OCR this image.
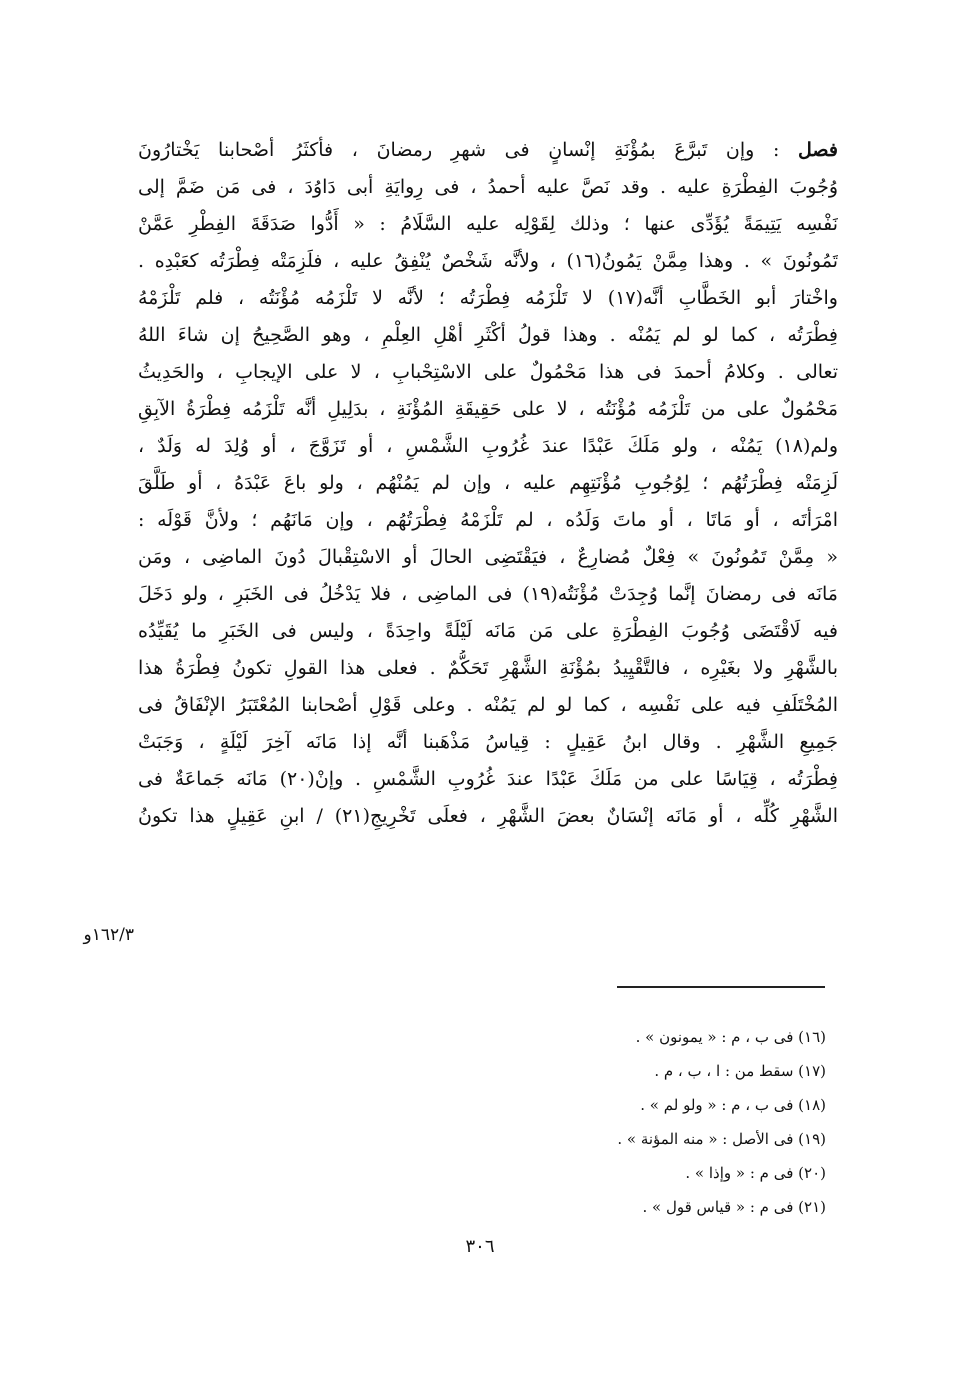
فصل : وإن تَبرَّعَ بمُؤْنَةِ إنْسانٍ فى شهرِ رمضانَ ، فأكثَرُ أصْحابنا يَخْتارُونَ
وُجُوبَ الفِطْرَةِ عليه . وقد نَصَّ عليه أحمدُ ، فى رِوايَةِ أبى دَاوُدَ ، فى مَن ضَمَّ إلى
نَفْسِه يَتِيمَةً يُؤَدِّى عنها ؛ وذلك لِقَوْلِه عليه السَّلَامُ : « أَدُّوا صَدَقَةَ الفِطْرِ عَمَّنْ
تَمُونُونَ » . وهذا مِمَّنْ يَمُونُ(١٦) ، ولأنَّه شَخْصٌ يُنْفِقُ عليه ، فلَزِمَتْه فِطْرَتُه كعَبْدِه .
واخْتارَ أبو الخَطَّابِ أنَّه(١٧) لا تَلْزَمُه فِطْرَتُه ؛ لأنَّه لا تَلْزَمُه مُؤْنَتُه ، فلم تَلْزَمْهُ
فِطْرَتُه ، كما لو لم يَمُنْه . وهذا قولُ أكْثَرِ أهْلِ العِلْمِ ، وهو الصَّحِيحُ إن شاءَ اللهُ
تعالى . وكلامُ أحمدَ فى هذا مَحْمُولٌ على الاسْتِحْبابِ ، لا على الإيجابِ ، والحَدِيثُ
مَحْمُولٌ على من تَلْزَمُه مُؤْنَتُه ، لا على حَقِيقَةِ المُؤْنَةِ ، بدَلِيلِ أنَّه تَلْزَمُه فِطْرَةُ الآبِقِ
ولم(١٨) يَمُنْه ، ولو مَلَكَ عَبْدًا عندَ غُرُوبِ الشَّمْسِ ، أو تَزَوَّجَ ، أو وُلِدَ له وَلَدٌ ،
لَزِمَتْه فِطْرَتُهُم ؛ لِوُجُوبِ مُؤْنَتِهِم عليه ، وإن لم يَمُنْهُم ، ولو باعَ عَبْدَهُ ، أو طَلَّقَ
امْرَأتَه ، أو مَاتَا ، أو ماتَ وَلَدُه ، لم تَلْزَمْهُ فِطْرَتُهُم ، وإن مَانَهُم ؛ ولأنَّ قَوْلَه :
« مِمَّنْ تَمُونُونَ » فِعْلٌ مُضارِعٌ ، فيَقْتَضِى الحالَ أو الاسْتِقْبالَ دُونَ الماضِى ، ومَن
مَانَه فى رمضانَ إنَّما وُجِدَتْ مُؤْنَتُه(١٩) فى الماضِى ، فلا يَدْخُلُ فى الخَبَرِ ، ولو دَخَلَ
فيه لَاقْتَضَى وُجُوبَ الفِطْرَةِ على مَن مَانَه لَيْلَةً واحِدَةً ، وليس فى الخَبَرِ ما يُقَيِّدُه
بالشَّهْرِ ولا بغَيْرِه ، فالتَّقْيِيدُ بمُؤْنَةِ الشَّهْرِ تَحَكُّمٌ . فعلى هذا القولِ تكونُ فِطْرَةُ هذا
المُخْتَلَفِ فيه على نَفْسِه ، كما لو لم يَمُنْه . وعلى قَوْلِ أصْحابنا المُعْتَبَرُ الإنْفَاقُ فى
جَمِيعِ الشَّهْرِ . وقال ابنُ عَقِيلٍ : قِياسُ مَذْهَبنا أنَّه إذا مَانَه آخِرَ لَيْلَةٍ ، وَجَبَتْ
فِطْرَتُه ، قِيَاسًا على من مَلَكَ عَبْدًا عندَ غُرُوبِ الشَّمْسِ . وإنْ(٢٠) مَانَه جَماعَةٌ فى
الشَّهْرِ كُلِّه ، أو مَانَه إنْسَانٌ بعضَ الشَّهْرِ ، فعلَى تَخْرِيجِ(٢١) / ابنِ عَقِيلٍ هذا تكونُ
١٦٢/٣و
(١٦) فى ب ، م : « يمونون » .
(١٧) سقط من : ا ، ب ، م .
(١٨) فى ب ، م : « ولو لم » .
(١٩) فى الأصل : « منه المؤنة » .
(٢٠) فى م : « وإذا » .
(٢١) فى م : « قياس قول » .
٣٠٦
